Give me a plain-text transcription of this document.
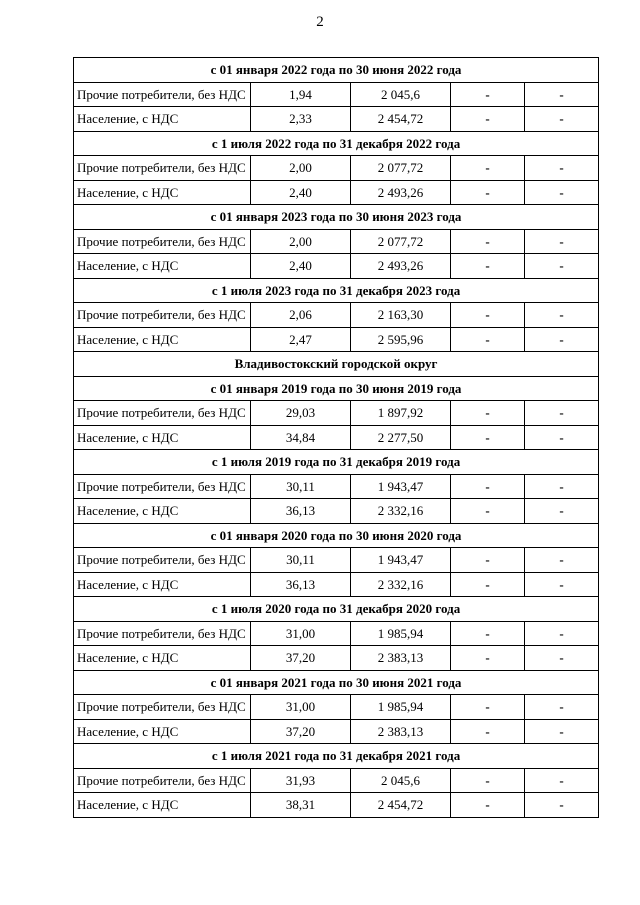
2
с 01 января 2022 года по 30 июня 2022 года				
Прочие потребители, без НДС	1,94	2 045,6	-	-
Население, с НДС	2,33	2 454,72	-	-
с 1 июля 2022 года по 31 декабря 2022 года				
Прочие потребители, без НДС	2,00	2 077,72	-	-
Население, с НДС	2,40	2 493,26	-	-
с 01 января 2023 года по 30 июня 2023 года				
Прочие потребители, без НДС	2,00	2 077,72	-	-
Население, с НДС	2,40	2 493,26	-	-
с 1 июля 2023 года по 31 декабря 2023 года				
Прочие потребители, без НДС	2,06	2 163,30	-	-
Население, с НДС	2,47	2 595,96	-	-
Владивостокский городской округ				
с 01 января 2019 года по 30 июня 2019 года				
Прочие потребители, без НДС	29,03	1 897,92	-	-
Население, с НДС	34,84	2 277,50	-	-
с 1 июля 2019 года по 31 декабря 2019 года				
Прочие потребители, без НДС	30,11	1 943,47	-	-
Население, с НДС	36,13	2 332,16	-	-
с 01 января 2020 года по 30 июня 2020 года				
Прочие потребители, без НДС	30,11	1 943,47	-	-
Население, с НДС	36,13	2 332,16	-	-
с 1 июля 2020 года по 31 декабря 2020 года				
Прочие потребители, без НДС	31,00	1 985,94	-	-
Население, с НДС	37,20	2 383,13	-	-
с 01 января 2021 года по 30 июня 2021 года				
Прочие потребители, без НДС	31,00	1 985,94	-	-
Население, с НДС	37,20	2 383,13	-	-
с 1 июля 2021 года по 31 декабря 2021 года				
Прочие потребители, без НДС	31,93	2 045,6	-	-
Население, с НДС	38,31	2 454,72	-	-
